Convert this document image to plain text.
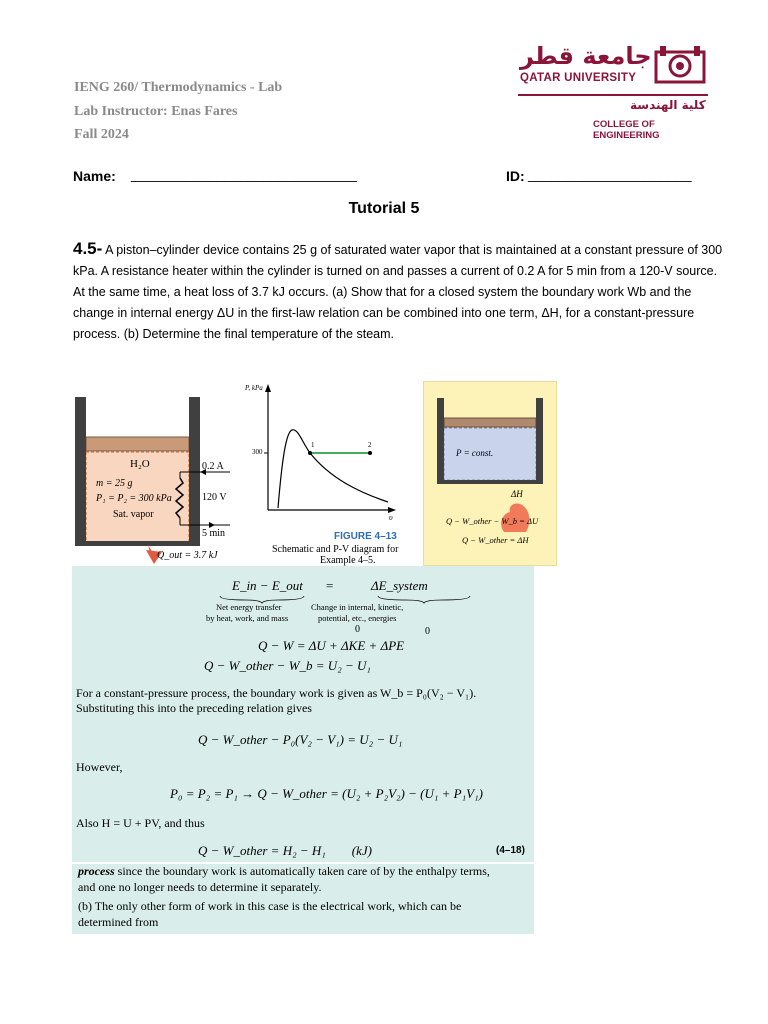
IENG 260/ Thermodynamics - Lab
Lab Instructor: Enas Fares
Fall 2024
جامعة قطر
QATAR UNIVERSITY
كلية الهندسة
COLLEGE OF ENGINEERING
Name: _____________________________	ID: _____________________
Tutorial 5
4.5- A piston–cylinder device contains 25 g of saturated water vapor that is maintained at a constant pressure of 300 kPa. A resistance heater within the cylinder is turned on and passes a current of 0.2 A for 5 min from a 120-V source. At the same time, a heat loss of 3.7 kJ occurs. (a) Show that for a closed system the boundary work Wb and the change in internal energy ΔU in the first-law relation can be combined into one term, ΔH, for a constant-pressure process. (b) Determine the final temperature of the steam.
H₂O
m = 25 g
P₁ = P₂ = 300 kPa
Sat. vapor
0.2 A
120 V
5 min
Q_out = 3.7 kJ
P, kPa
υ
300
1	2
FIGURE 4–13
Schematic and P-V diagram for
Example 4–5.
P = const.
ΔH
Q − W_other − W_b = ΔU
Q − W_other = ΔH
E_in − E_out =	ΔE_system
Net energy transfer
by heat, work, and mass
Change in internal, kinetic,
potential, etc., energies
0	0
Q − W = ΔU + ΔKE + ΔPE
Q − W_other − W_b = U₂ − U₁
For a constant-pressure process, the boundary work is given as W_b = P₀(V₂ − V₁).
Substituting this into the preceding relation gives
Q − W_other − P₀(V₂ − V₁) = U₂ − U₁
However,
P₀ = P₂ = P₁ → Q − W_other = (U₂ + P₂V₂) − (U₁ + P₁V₁)
Also H = U + PV, and thus
Q − W_other = H₂ − H₁        (kJ)	(4–18)
process since the boundary work is automatically taken care of by the enthalpy terms,
and one no longer needs to determine it separately.
(b) The only other form of work in this case is the electrical work, which can be
determined from
